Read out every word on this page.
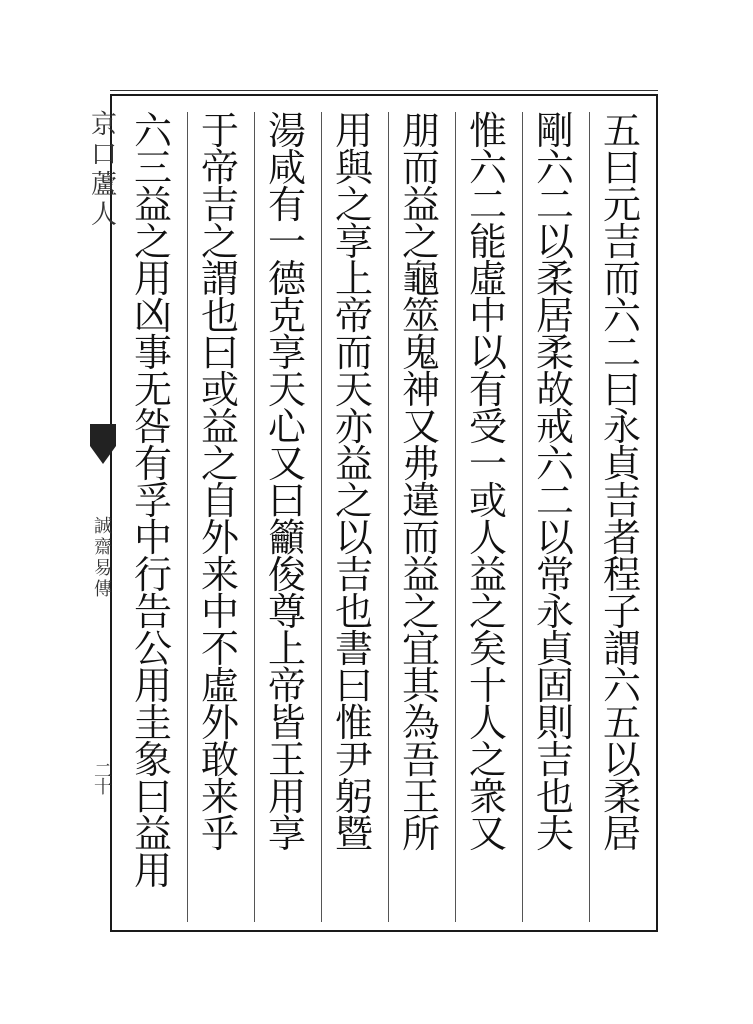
京
口
蘆
人
誠
齋
易
傳
二
十
五
曰
元
吉
而
六
二
曰
永
貞
吉
者
程
子
謂
六
五
以
柔
居
剛
六
二
以
柔
居
柔
故
戒
六
二
以
常
永
貞
固
則
吉
也
夫
惟
六
二
能
虛
中
以
有
受
一
或
人
益
之
矣
十
人
之
衆
又
朋
而
益
之
龜
筮
鬼
神
又
弗
違
而
益
之
宜
其
為
吾
王
所
用
與
之
享
上
帝
而
天
亦
益
之
以
吉
也
書
曰
惟
尹
躬
暨
湯
咸
有
一
德
克
享
天
心
又
曰
籲
俊
尊
上
帝
皆
王
用
享
于
帝
吉
之
謂
也
曰
或
益
之
自
外
来
中
不
虛
外
敢
来
乎
六
三
益
之
用
凶
事
无
咎
有
孚
中
行
告
公
用
圭
象
曰
益
用
